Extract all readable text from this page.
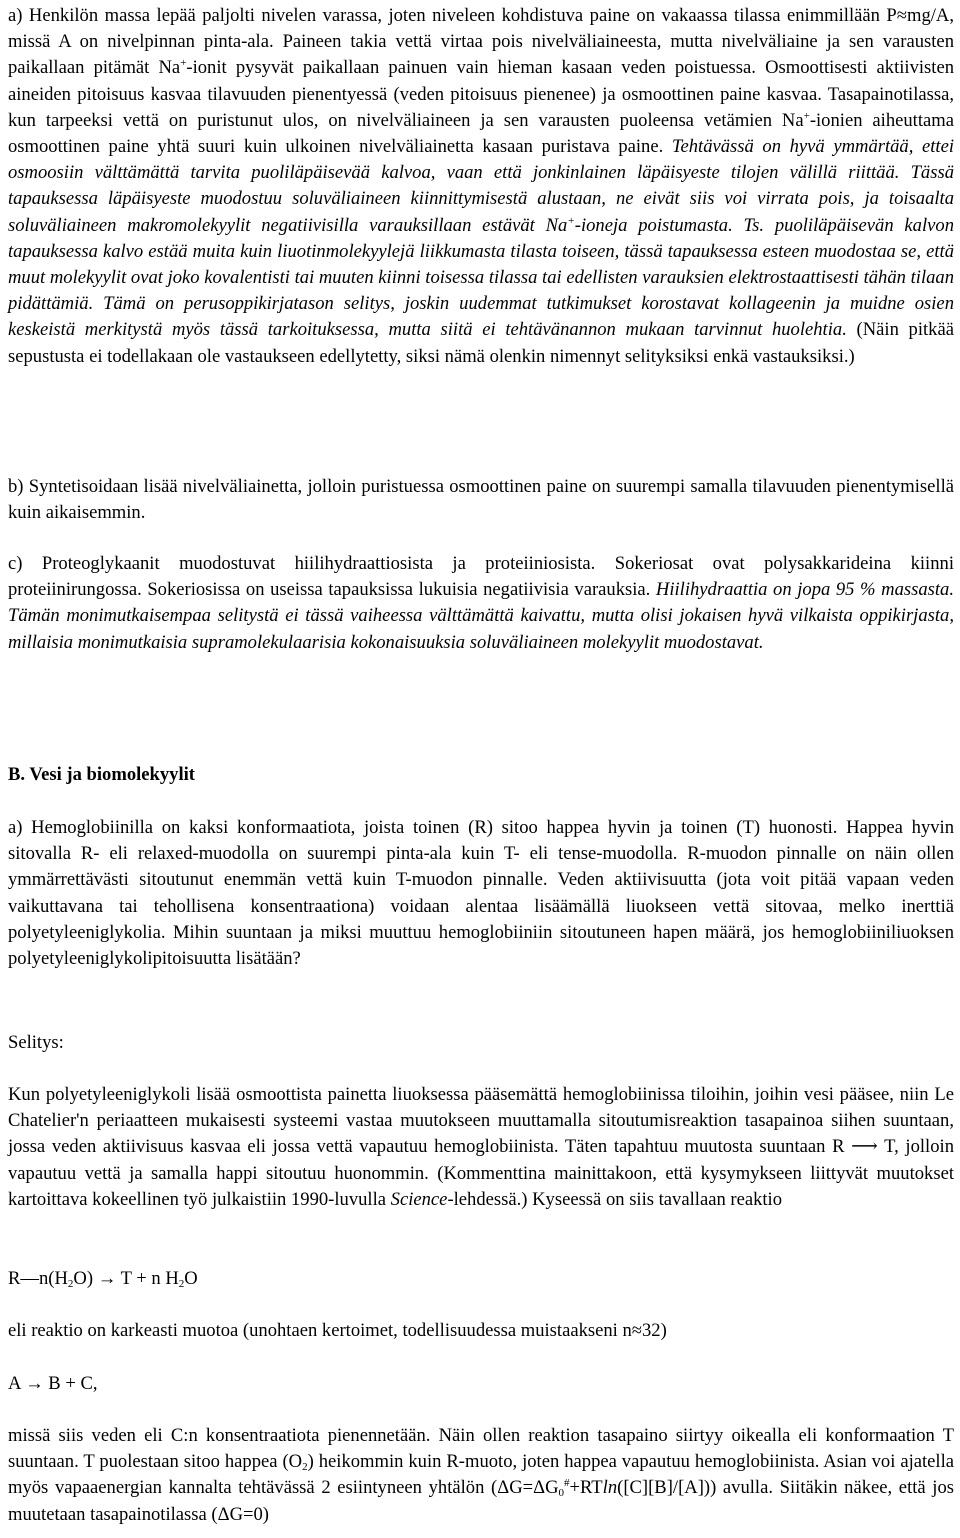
a) Henkilön massa lepää paljolti nivelen varassa, joten niveleen kohdistuva paine on vakaassa tilassa enimmillään P≈mg/A, missä A on nivelpinnan pinta-ala. Paineen takia vettä virtaa pois nivelväliaineesta, mutta nivelväliaine ja sen varausten paikallaan pitämät Na+-ionit pysyvät paikallaan painuen vain hieman kasaan veden poistuessa. Osmoottisesti aktiivisten aineiden pitoisuus kasvaa tilavuuden pienentyessä (veden pitoisuus pienenee) ja osmoottinen paine kasvaa. Tasapainotilassa, kun tarpeeksi vettä on puristunut ulos, on nivelväliaineen ja sen varausten puoleensa vetämien Na+-ionien aiheuttama osmoottinen paine yhtä suuri kuin ulkoinen nivelväliainetta kasaan puristava paine. Tehtävässä on hyvä ymmärtää, ettei osmoosiin välttämättä tarvita puoliläpäisevää kalvoa, vaan että jonkinlainen läpäisyeste tilojen välillä riittää. Tässä tapauksessa läpäisyeste muodostuu soluväliaineen kiinnittymisestä alustaan, ne eivät siis voi virrata pois, ja toisaalta soluväliaineen makromolekyylit negatiivisilla varauksillaan estävät Na+-ioneja poistumasta. Ts. puoliläpäisevän kalvon tapauksessa kalvo estää muita kuin liuotinmolekyylejä liikkumasta tilasta toiseen, tässä tapauksessa esteen muodostaa se, että muut molekyylit ovat joko kovalentisti tai muuten kiinni toisessa tilassa tai edellisten varauksien elektrostaattisesti tähän tilaan pidättämiä. Tämä on perusoppikirjatason selitys, joskin uudemmat tutkimukset korostavat kollageenin ja muidne osien keskeistä merkitystä myös tässä tarkoituksessa, mutta siitä ei tehtävänannon mukaan tarvinnut huolehtia. (Näin pitkää sepustusta ei todellakaan ole vastaukseen edellytetty, siksi nämä olenkin nimennyt selityksiksi enkä vastauksiksi.)

b) Syntetisoidaan lisää nivelväliainetta, jolloin puristuessa osmoottinen paine on suurempi samalla tilavuuden pienentymisellä kuin aikaisemmin.

c) Proteoglykaanit muodostuvat hiilihydraattiosista ja proteiiniosista. Sokeriosat ovat polysakkarideina kiinni proteiinirungossa. Sokeriosissa on useissa tapauksissa lukuisia negatiivisia varauksia. Hiilihydraattia on jopa 95 % massasta. Tämän monimutkaisempaa selitystä ei tässä vaiheessa välttämättä kaivattu, mutta olisi jokaisen hyvä vilkaista oppikirjasta, millaisia monimutkaisia supramolekulaarisia kokonaisuuksia soluväliaineen molekyylit muodostavat.

B. Vesi ja biomolekyylit

a) Hemoglobiinilla on kaksi konformaatiota, joista toinen (R) sitoo happea hyvin ja toinen (T) huonosti. Happea hyvin sitovalla R- eli relaxed-muodolla on suurempi pinta-ala kuin T- eli tense-muodolla. R-muodon pinnalle on näin ollen ymmärrettävästi sitoutunut enemmän vettä kuin T-muodon pinnalle. Veden aktiivisuutta (jota voit pitää vapaan veden vaikuttavana tai tehollisena konsentraationa) voidaan alentaa lisäämällä liuokseen vettä sitovaa, melko inerttiä polyetyleeniglykolia. Mihin suuntaan ja miksi muuttuu hemoglobiiniin sitoutuneen hapen määrä, jos hemoglobiiniliuoksen polyetyleeniglykolipitoisuutta lisätään?

Selitys:

Kun polyetyleeniglykoli lisää osmoottista painetta liuoksessa pääsemättä hemoglobiinissa tiloihin, joihin vesi pääsee, niin Le Chatelier'n periaatteen mukaisesti systeemi vastaa muutokseen muuttamalla sitoutumisreaktion tasapainoa siihen suuntaan, jossa veden aktiivisuus kasvaa eli jossa vettä vapautuu hemoglobiinista. Täten tapahtuu muutosta suuntaan R ⟶ T, jolloin vapautuu vettä ja samalla happi sitoutuu huonommin. (Kommenttina mainittakoon, että kysymykseen liittyvät muutokset kartoittava kokeellinen työ julkaistiin 1990-luvulla Science-lehdessä.) Kyseessä on siis tavallaan reaktio

$R—n(H_2O) \to T + n$ $H_2O$

eli reaktio on karkeasti muotoa (unohtaen kertoimet, todellisuudessa muistaakseni n≈32)

A → B + C,

missä siis veden eli C:n konsentraatiota pienennetään. Näin ollen reaktion tasapaino siirtyy oikealla eli konformaation T suuntaan. T puolestaan sitoo happea $(O_2)$ heikommin kuin R-muoto, joten happea vapautuu hemoglobiinista. Asian voi ajatella myös vapaaenergian kannalta tehtävässä 2 esiintyneen yhtälön $(\Delta G=\Delta G_0^{\#}+RTln([C][B]/[A]))$ avulla. Siitäkin näkee, että jos muutetaan tasapainotilassa (ΔG=0)
